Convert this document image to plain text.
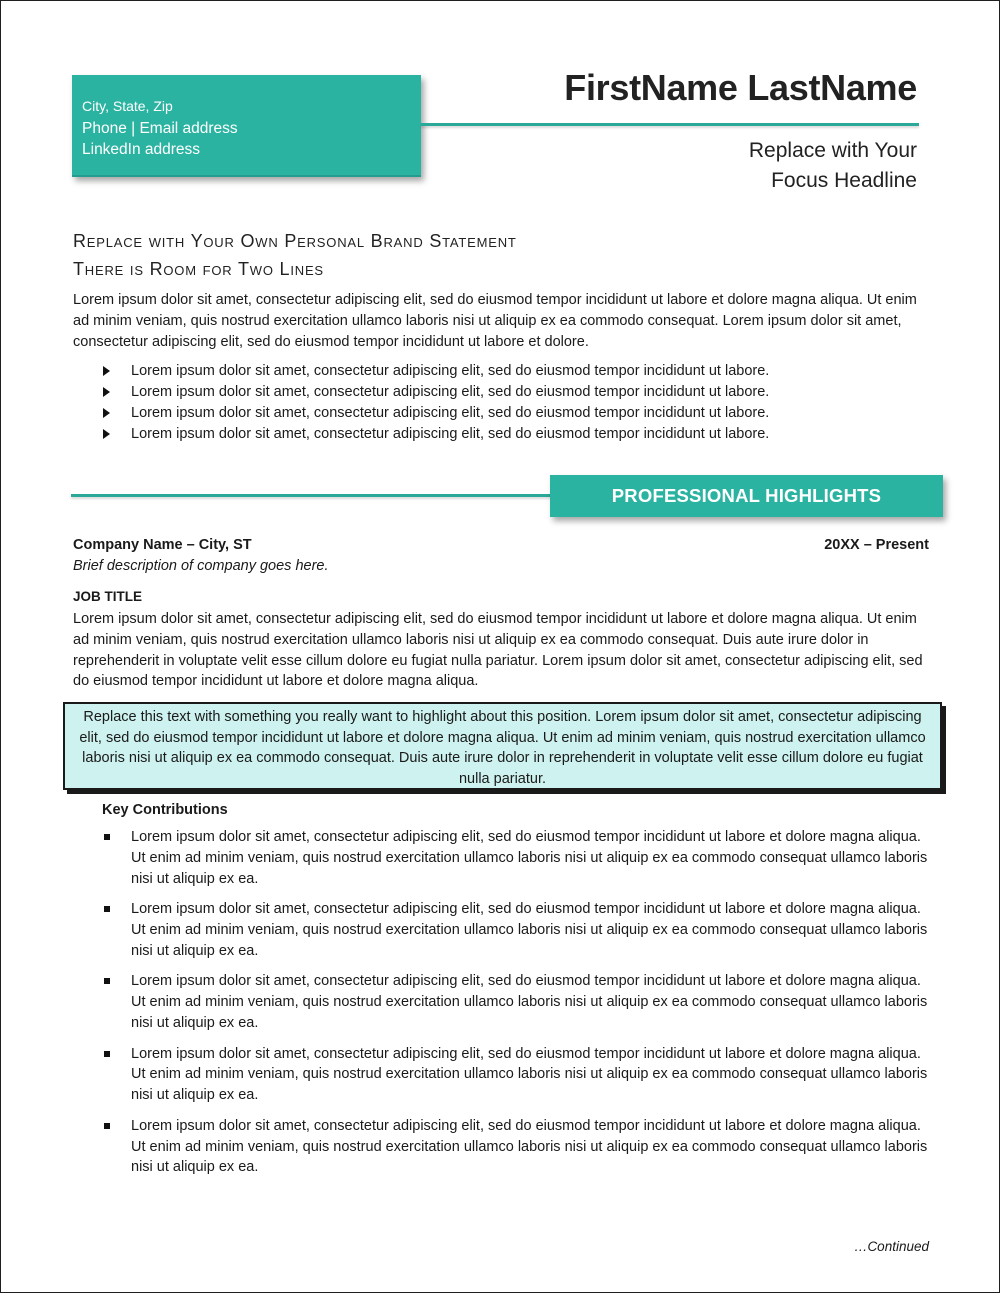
City, State, Zip
Phone | Email address
LinkedIn address
FirstName LastName
Replace with Your
Focus Headline
Replace with Your Own Personal Brand Statement
There is Room for Two Lines
Lorem ipsum dolor sit amet, consectetur adipiscing elit, sed do eiusmod tempor incididunt ut labore et dolore magna aliqua. Ut enim ad minim veniam, quis nostrud exercitation ullamco laboris nisi ut aliquip ex ea commodo consequat. Lorem ipsum dolor sit amet, consectetur adipiscing elit, sed do eiusmod tempor incididunt ut labore et dolore.
Lorem ipsum dolor sit amet, consectetur adipiscing elit, sed do eiusmod tempor incididunt ut labore.
Lorem ipsum dolor sit amet, consectetur adipiscing elit, sed do eiusmod tempor incididunt ut labore.
Lorem ipsum dolor sit amet, consectetur adipiscing elit, sed do eiusmod tempor incididunt ut labore.
Lorem ipsum dolor sit amet, consectetur adipiscing elit, sed do eiusmod tempor incididunt ut labore.
PROFESSIONAL HIGHLIGHTS
Company Name – City, ST	20XX – Present
Brief description of company goes here.
JOB TITLE
Lorem ipsum dolor sit amet, consectetur adipiscing elit, sed do eiusmod tempor incididunt ut labore et dolore magna aliqua. Ut enim ad minim veniam, quis nostrud exercitation ullamco laboris nisi ut aliquip ex ea commodo consequat. Duis aute irure dolor in reprehenderit in voluptate velit esse cillum dolore eu fugiat nulla pariatur. Lorem ipsum dolor sit amet, consectetur adipiscing elit, sed do eiusmod tempor incididunt ut labore et dolore magna aliqua.
Replace this text with something you really want to highlight about this position. Lorem ipsum dolor sit amet, consectetur adipiscing elit, sed do eiusmod tempor incididunt ut labore et dolore magna aliqua. Ut enim ad minim veniam, quis nostrud exercitation ullamco laboris nisi ut aliquip ex ea commodo consequat. Duis aute irure dolor in reprehenderit in voluptate velit esse cillum dolore eu fugiat nulla pariatur.
Key Contributions
Lorem ipsum dolor sit amet, consectetur adipiscing elit, sed do eiusmod tempor incididunt ut labore et dolore magna aliqua. Ut enim ad minim veniam, quis nostrud exercitation ullamco laboris nisi ut aliquip ex ea commodo consequat ullamco laboris nisi ut aliquip ex ea.
Lorem ipsum dolor sit amet, consectetur adipiscing elit, sed do eiusmod tempor incididunt ut labore et dolore magna aliqua. Ut enim ad minim veniam, quis nostrud exercitation ullamco laboris nisi ut aliquip ex ea commodo consequat ullamco laboris nisi ut aliquip ex ea.
Lorem ipsum dolor sit amet, consectetur adipiscing elit, sed do eiusmod tempor incididunt ut labore et dolore magna aliqua. Ut enim ad minim veniam, quis nostrud exercitation ullamco laboris nisi ut aliquip ex ea commodo consequat ullamco laboris nisi ut aliquip ex ea.
Lorem ipsum dolor sit amet, consectetur adipiscing elit, sed do eiusmod tempor incididunt ut labore et dolore magna aliqua. Ut enim ad minim veniam, quis nostrud exercitation ullamco laboris nisi ut aliquip ex ea commodo consequat ullamco laboris nisi ut aliquip ex ea.
Lorem ipsum dolor sit amet, consectetur adipiscing elit, sed do eiusmod tempor incididunt ut labore et dolore magna aliqua. Ut enim ad minim veniam, quis nostrud exercitation ullamco laboris nisi ut aliquip ex ea commodo consequat ullamco laboris nisi ut aliquip ex ea.
…Continued
